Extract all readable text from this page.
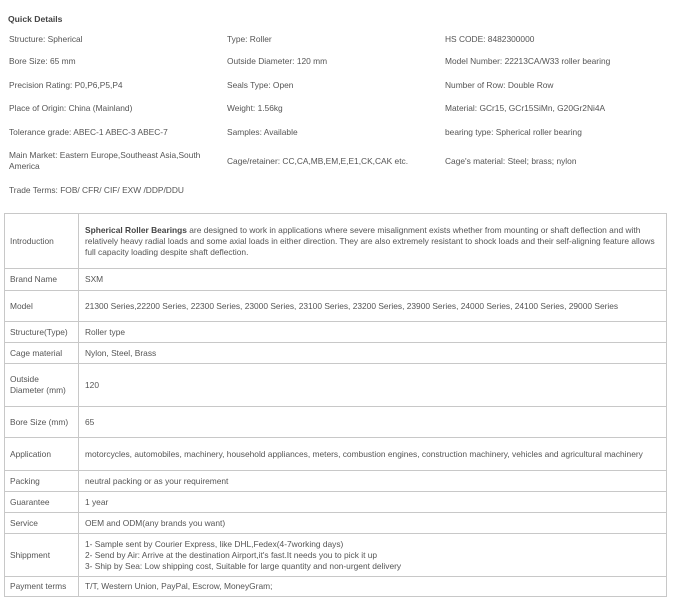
Quick Details
Structure: Spherical	Type: Roller	HS CODE: 8482300000
Bore Size: 65 mm	Outside Diameter: 120 mm	Model Number: 22213CA/W33 roller bearing
Precision Rating: P0,P6,P5,P4	Seals Type: Open	Number of Row: Double Row
Place of Origin: China (Mainland)	Weight: 1.56kg	Material: GCr15, GCr15SiMn, G20Gr2Ni4A
Tolerance grade: ABEC-1 ABEC-3 ABEC-7	Samples: Available	bearing type: Spherical roller bearing
Main Market: Eastern Europe,Southeast Asia,South America	Cage/retainer: CC,CA,MB,EM,E,E1,CK,CAK etc.	Cage's material: Steel; brass; nylon
Trade Terms: FOB/ CFR/ CIF/ EXW /DDP/DDU		
Introduction	Spherical Roller Bearings are designed to work in applications where severe misalignment exists whether from mounting or shaft deflection and with relatively heavy radial loads and some axial loads in either direction. They are also extremely resistant to shock loads and their self-aligning feature allows full capacity loading despite shaft deflection.
Brand Name	SXM
Model	21300 Series,22200 Series, 22300 Series, 23000 Series, 23100 Series, 23200 Series, 23900 Series, 24000 Series, 24100 Series, 29000 Series
Structure(Type)	Roller type
Cage material	Nylon, Steel, Brass
Outside Diameter (mm)	120
Bore Size (mm)	65
Application	motorcycles, automobiles, machinery, household appliances, meters, combustion engines, construction machinery, vehicles and agricultural machinery
Packing	neutral packing or as your requirement
Guarantee	1 year
Service	OEM and ODM(any brands you want)
Shippment	1- Sample sent by Courier Express, like DHL,Fedex(4-7working days)
2- Send by Air: Arrive at the destination Airport,it's fast.It needs you to pick it up
3- Ship by Sea: Low shipping cost, Suitable for large quantity and non-urgent delivery

Payment terms	T/T, Western Union, PayPal, Escrow, MoneyGram;
